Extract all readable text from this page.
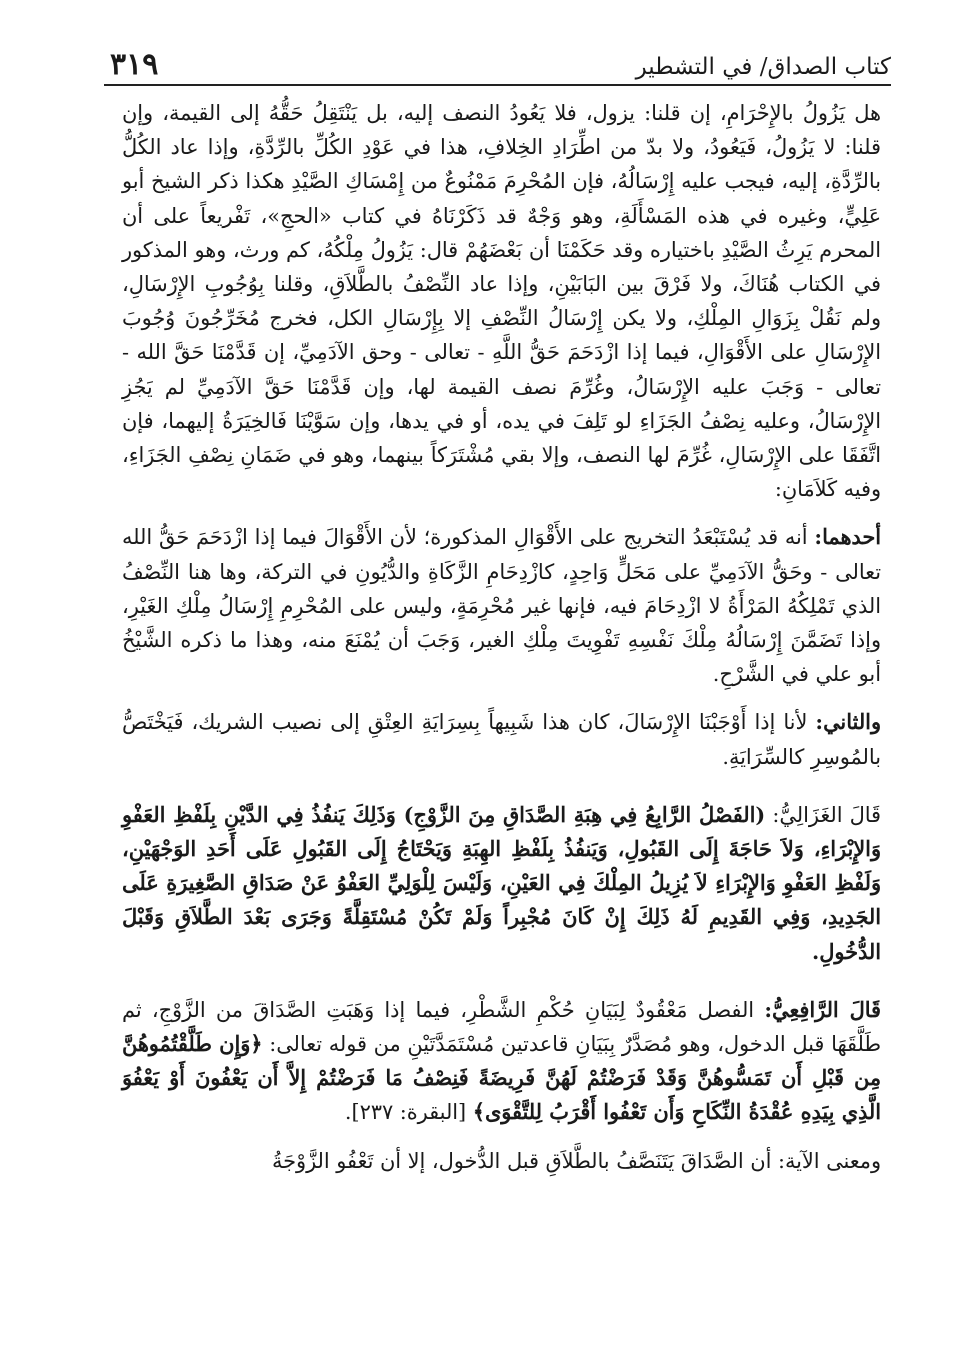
٣١٩	كتاب الصداق/ في التشطير

هل يَزُولُ بالإِحْرَامِ، إن قلنا: يزول، فلا يَعُودُ النصف إليه، بل يَنْتَقِلُ حَقُّهُ إلى القيمة، وإن قلنا: لا يَزُولُ، فَيَعُودُ، ولا بدّ من اطِّرَادِ الخِلافِ، هذا في عَوْدِ الكُلِّ بالرِّدَّةِ، وإذا عاد الكُلُّ بالرِّدَّةِ، إليه، فيجب عليه إِرْسَالُهُ، فإن المُحْرِمَ مَمْنُوعٌ من إِمْسَاكِ الصَّيْدِ هكذا ذكر الشيخ أبو عَلِيٍّ، وغيره في هذه المَسْأَلَةِ، وهو وَجْهٌ قد ذَكَرْنَاهُ في كتاب «الحجِ»، تَفْريعاً على أن المحرم يَرِثُ الصَّيْدِ باختياره وقد حَكَمْنَا أن بَعْضَهُمْ قال: يَزُولُ مِلْكُهُ، كم ورث، وهو المذكور في الكتاب هُنَاكَ، ولا فَرْقَ بين البَابَيْنِ، وإذا عاد النِّصْفُ بالطَّلاَقِ، وقلنا بِوُجُوبِ الإِرْسَالِ، ولم نَقُلْ بِزَوَالِ المِلْكِ، ولا يكن إِرْسَالُ النِّصْفِ إلا بِإِرْسَالِ الكل، فخرج مُخَرِّجُونَ وُجُوبَ الإِرْسَالِ على الأَقْوَالِ، فيما إذا ازْدَحَمَ حَقُّ اللَّهِ - تعالى - وحق الآدَمِيِّ، إن قَدَّمْنَا حَقَّ الله - تعالى - وَجَبَ عليه الإِرْسَالُ، وغُرِّمَ نصف القيمة لها، وإن قَدَّمْنَا حَقَّ الآدَمِيِّ لم يَجُزِ الإِرْسَالُ، وعليه نِصْفُ الجَزَاءِ لو تَلِفَ في يده، أو في يدها، وإن سَوَّيْنَا فَالخِيَرَةُ إليهما، فإن اتَّفَقَا على الإِرْسَالِ، غُرِّمَ لها النصف، وإلا بقي مُشْتَرَكاً بينهما، وهو في ضَمَانِ نِصْفِ الجَزَاءِ، وفيه كَلاَمَانِ:

أحدهما: أنه قد يُسْتَبْعَدُ التخريج على الأَقْوَالِ المذكورة؛ لأن الأَقْوَالَ فيما إذا ازْدَحَمَ حَقُّ الله تعالى - وحَقُّ الآدَمِيِّ على مَحَلٍّ وَاحِدٍ، كازْدِحَامِ الزَّكَاةِ والدُّيُونِ في التركة، وها هنا النِّصْفُ الذي تَمْلِكُهُ المَرْأَةُ لا ازْدِحَامَ فيه، فإنها غير مُحْرِمَةٍ، وليس على المُحْرِمِ إِرْسَالُ مِلْكِ الغَيْرِ، وإذا تَضَمَّنَ إِرْسَالُهُ مِلْكَ نَفْسِهِ تَفْوِيتَ مِلْكِ الغير، وَجَبَ أن يُمْنَعَ منه، وهذا ما ذكره الشَّيْخُ أبو علي في الشَّرْحِ.

والثاني: لأنا إذا أَوْجَبْنَا الإِرْسَالَ، كان هذا شَبِيهاً بِسِرَايَةِ العِتْقِ إلى نصيب الشريك، فَيَخْتَصُّ بالمُوسِرِ كالسِّرَايَةِ.

قَالَ الغَزَالِيُّ: (الفَصْلُ الرَّابِعُ فِي هِبَةِ الصَّدَاقِ مِنَ الزَّوْجِ) وَذَلِكَ يَنفُذُ فِي الدَّيْنِ بِلَفْظِ العَفْوِ وَالإِبْرَاءِ، وَلاَ حَاجَةَ إِلَى القَبُولِ، وَيَنفُذُ بِلَفْظِ الهِبَةِ وَيَحْتَاجُ إِلَى القَبُولِ عَلَى أَحَدِ الوَجْهَيْنِ، وَلَفْظِ العَفْوِ وَالإِبْرَاءِ لاَ يُزِيلُ المِلْكَ فِي العَيْنِ، وَلَيْسَ لِلْوَلِيِّ العَفْوُ عَنْ صَدَاقِ الصَّغِيرَةِ عَلَى الجَدِيدِ، وَفِي القَدِيمِ لَهُ ذَلِكَ إِنْ كَانَ مُجْبِراً وَلَمْ تَكُنْ مُسْتَقِلَّةً وَجَرَى بَعْدَ الطَّلاَقِ وَقَبْلَ الدُّخُولِ.

قَالَ الرَّافِعِيُّ: الفصل مَعْقُودٌ لِبَيَانِ حُكْمِ الشَّطْرِ، فيما إذا وَهَبَتِ الصَّدَاقَ من الزَّوْجِ، ثم طَلَّقَهَا قبل الدخول، وهو مُصَدَّرٌ بِبَيَانِ قاعدتين مُسْتَمَدَّتَيْنِ من قوله تعالى: ﴿وَإِن طَلَّقْتُمُوهُنَّ مِن قَبْلِ أَن تَمَسُّوهُنَّ وَقَدْ فَرَضْتُمْ لَهُنَّ فَرِيضَةً فَنِصْفُ مَا فَرَضْتُمْ إِلاَّ أَن يَعْفُونَ أَوْ يَعْفُوَ الَّذِي بِيَدِهِ عُقْدَةُ النِّكَاحِ وَأَن تَعْفُوا أَقْرَبُ لِلتَّقْوَى﴾ [البقرة: ٢٣٧].

ومعنى الآية: أن الصَّدَاقَ يَتَنَصَّفُ بالطَّلاَقِ قبل الدُّخول، إلا أن تَعْفُو الزَّوْجَةُ
